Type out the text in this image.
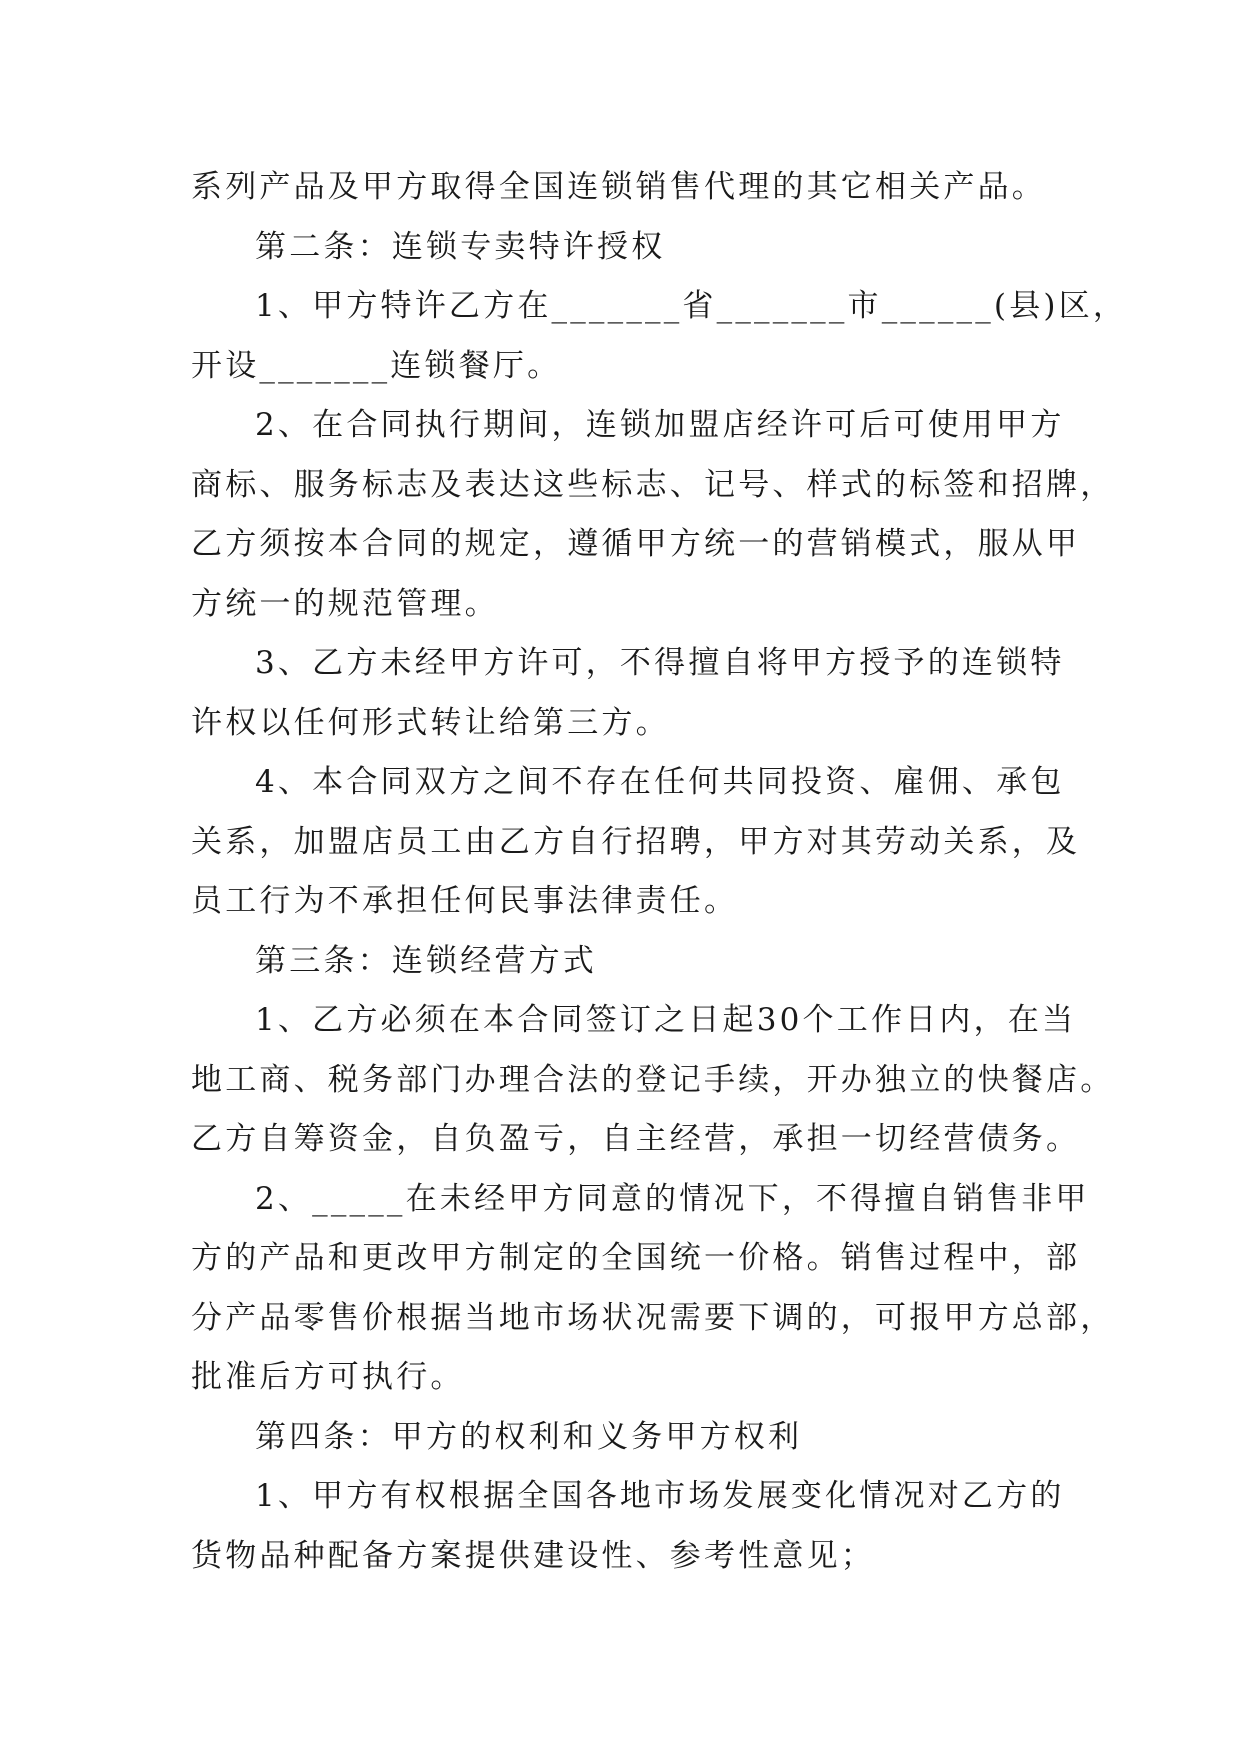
系列产品及甲方取得全国连锁销售代理的其它相关产品。
第二条：连锁专卖特许授权
1、甲方特许乙方在_______省_______市______(县)区，
开设_______连锁餐厅。
2、在合同执行期间，连锁加盟店经许可后可使用甲方
商标、服务标志及表达这些标志、记号、样式的标签和招牌，
乙方须按本合同的规定，遵循甲方统一的营销模式，服从甲
方统一的规范管理。
3、乙方未经甲方许可，不得擅自将甲方授予的连锁特
许权以任何形式转让给第三方。
4、本合同双方之间不存在任何共同投资、雇佣、承包
关系，加盟店员工由乙方自行招聘，甲方对其劳动关系，及
员工行为不承担任何民事法律责任。
第三条：连锁经营方式
1、乙方必须在本合同签订之日起30个工作日内，在当
地工商、税务部门办理合法的登记手续，开办独立的快餐店。
乙方自筹资金，自负盈亏，自主经营，承担一切经营债务。
2、_____在未经甲方同意的情况下，不得擅自销售非甲
方的产品和更改甲方制定的全国统一价格。销售过程中，部
分产品零售价根据当地市场状况需要下调的，可报甲方总部，
批准后方可执行。
第四条：甲方的权利和义务甲方权利
1、甲方有权根据全国各地市场发展变化情况对乙方的
货物品种配备方案提供建设性、参考性意见；
